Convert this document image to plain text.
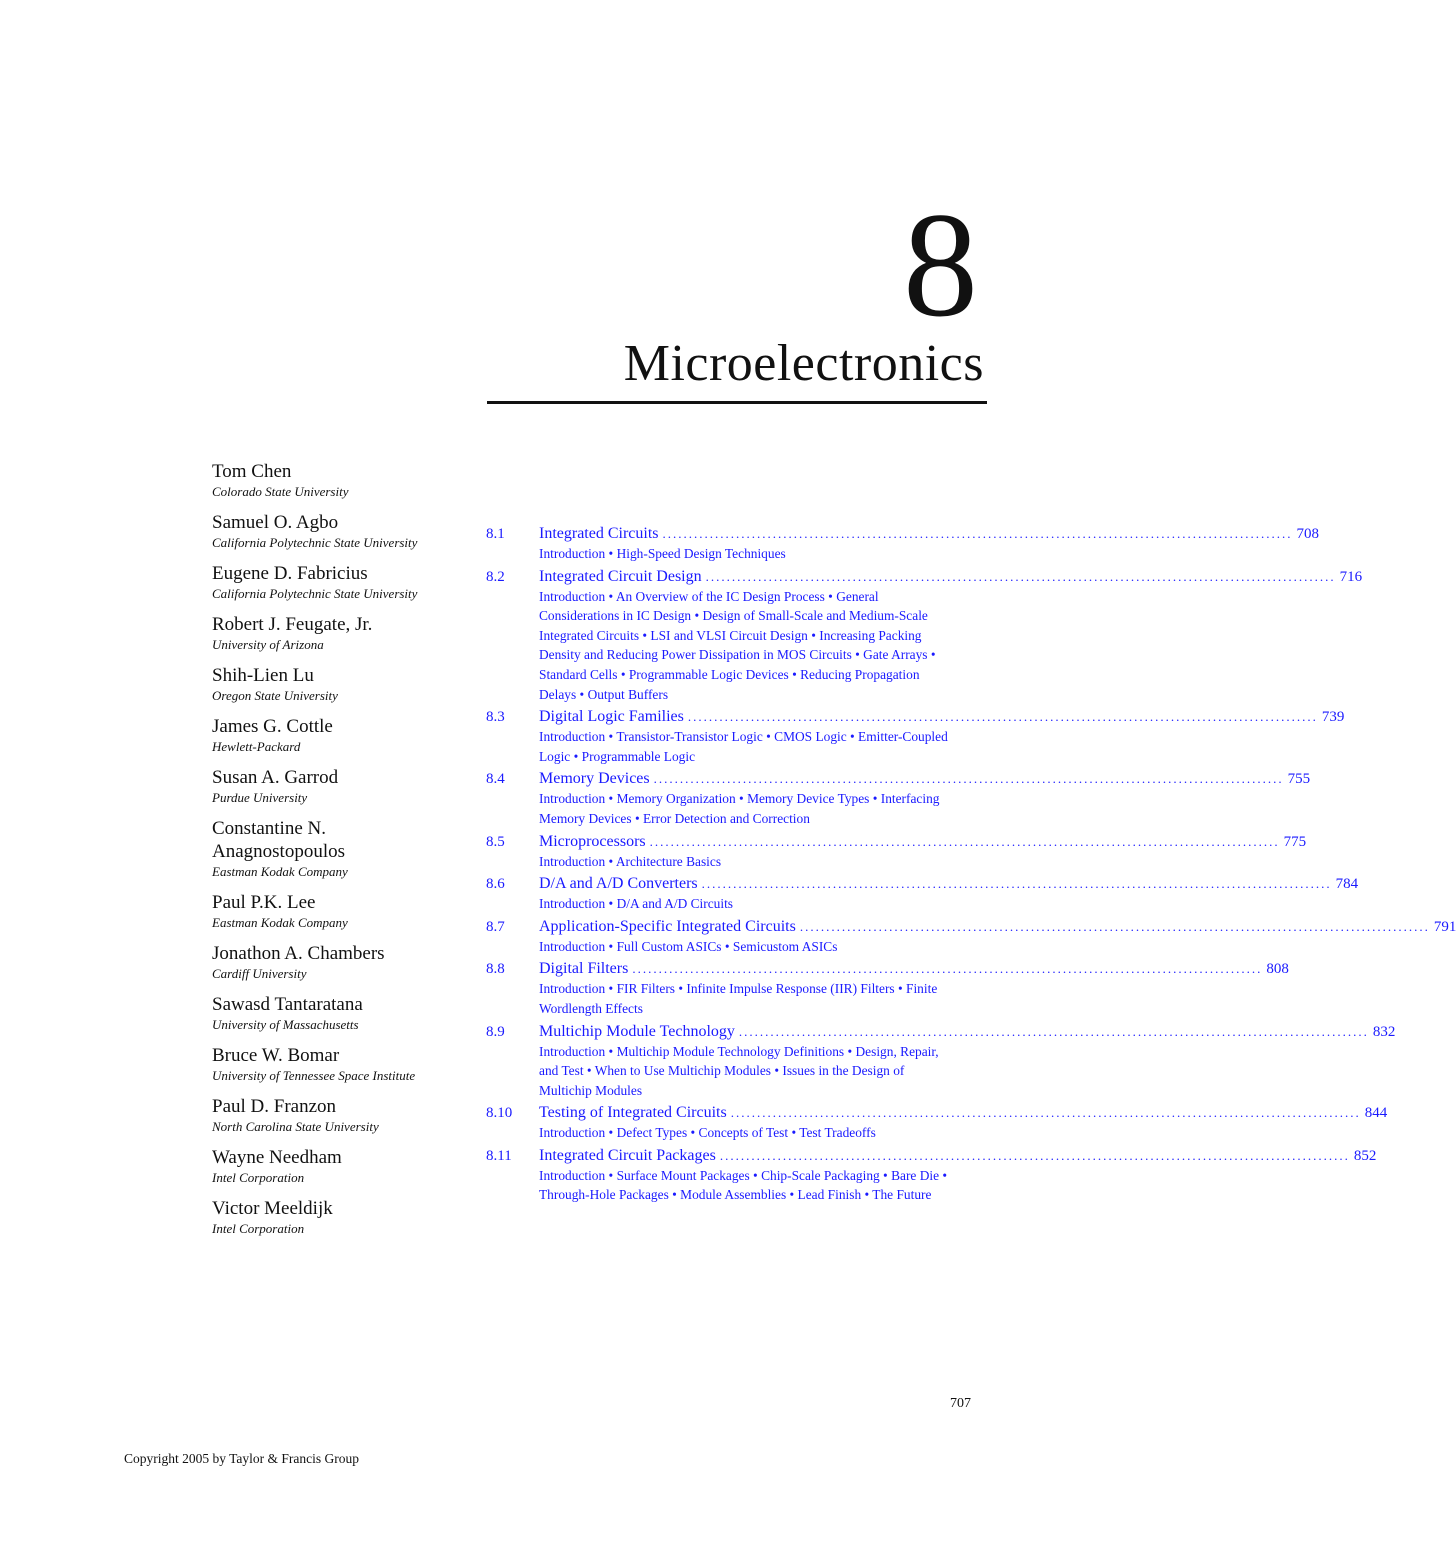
8
Microelectronics
Tom Chen
Colorado State University
Samuel O. Agbo
California Polytechnic State University
Eugene D. Fabricius
California Polytechnic State University
Robert J. Feugate, Jr.
University of Arizona
Shih-Lien Lu
Oregon State University
James G. Cottle
Hewlett-Packard
Susan A. Garrod
Purdue University
Constantine N. Anagnostopoulos
Eastman Kodak Company
Paul P.K. Lee
Eastman Kodak Company
Jonathon A. Chambers
Cardiff University
Sawasd Tantaratana
University of Massachusetts
Bruce W. Bomar
University of Tennessee Space Institute
Paul D. Franzon
North Carolina State University
Wayne Needham
Intel Corporation
Victor Meeldijk
Intel Corporation
8.1 Integrated Circuits ........................................................................................................................ 708
Introduction • High-Speed Design Techniques
8.2 Integrated Circuit Design ........................................................................................................................ 716
Introduction • An Overview of the IC Design Process • General Considerations in IC Design • Design of Small-Scale and Medium-Scale Integrated Circuits • LSI and VLSI Circuit Design • Increasing Packing Density and Reducing Power Dissipation in MOS Circuits • Gate Arrays • Standard Cells • Programmable Logic Devices • Reducing Propagation Delays • Output Buffers
8.3 Digital Logic Families ........................................................................................................................ 739
Introduction • Transistor-Transistor Logic • CMOS Logic • Emitter-Coupled Logic • Programmable Logic
8.4 Memory Devices ........................................................................................................................ 755
Introduction • Memory Organization • Memory Device Types • Interfacing Memory Devices • Error Detection and Correction
8.5 Microprocessors ........................................................................................................................ 775
Introduction • Architecture Basics
8.6 D/A and A/D Converters ........................................................................................................................ 784
Introduction • D/A and A/D Circuits
8.7 Application-Specific Integrated Circuits ........................................................................................................................ 791
Introduction • Full Custom ASICs • Semicustom ASICs
8.8 Digital Filters ........................................................................................................................ 808
Introduction • FIR Filters • Infinite Impulse Response (IIR) Filters • Finite Wordlength Effects
8.9 Multichip Module Technology ........................................................................................................................ 832
Introduction • Multichip Module Technology Definitions • Design, Repair, and Test • When to Use Multichip Modules • Issues in the Design of Multichip Modules
8.10 Testing of Integrated Circuits ........................................................................................................................ 844
Introduction • Defect Types • Concepts of Test • Test Tradeoffs
8.11 Integrated Circuit Packages ........................................................................................................................ 852
Introduction • Surface Mount Packages • Chip-Scale Packaging • Bare Die • Through-Hole Packages • Module Assemblies • Lead Finish • The Future
707
Copyright 2005 by Taylor & Francis Group
